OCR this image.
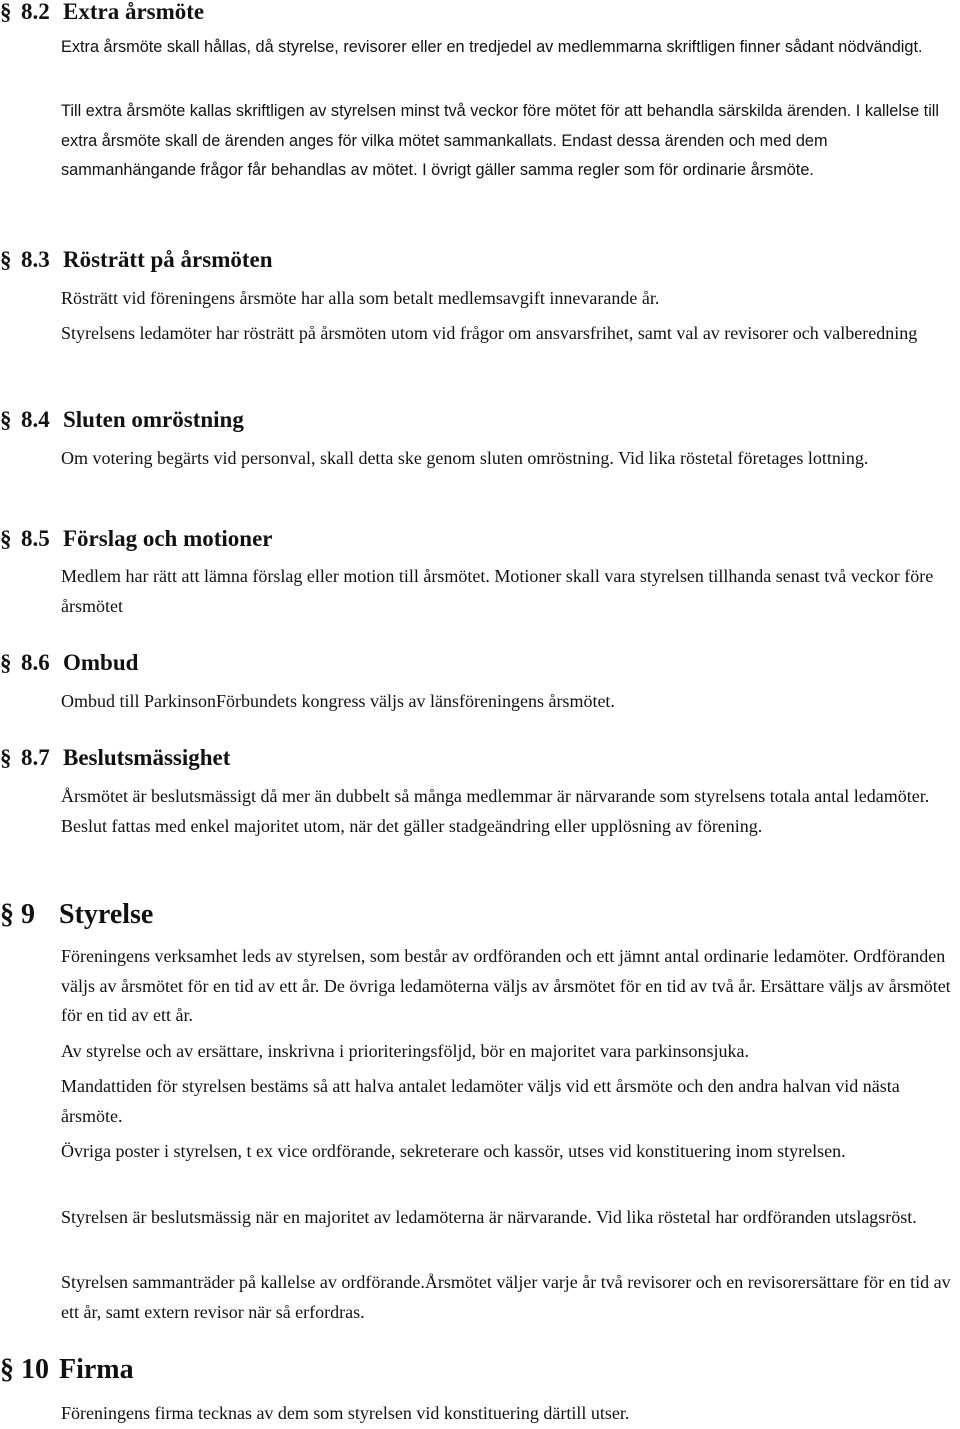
§ 8.2 Extra årsmöte

Extra årsmöte skall hållas, då styrelse, revisorer eller en tredjedel av medlemmarna skriftligen finner sådant nödvändigt.

Till extra årsmöte kallas skriftligen av styrelsen minst två veckor före mötet för att behandla särskilda ärenden. I kallelse till extra årsmöte skall de ärenden anges för vilka mötet sammankallats. Endast dessa ärenden och med dem sammanhängande frågor får behandlas av mötet. I övrigt gäller samma regler som för ordinarie årsmöte.

§ 8.3 Rösträtt på årsmöten

Rösträtt vid föreningens årsmöte har alla som betalt medlemsavgift innevarande år.

Styrelsens ledamöter har rösträtt på årsmöten utom vid frågor om ansvarsfrihet, samt val av revisorer och valberedning

§ 8.4 Sluten omröstning

Om votering begärts vid personval, skall detta ske genom sluten omröstning. Vid lika röstetal företages lottning.

§ 8.5 Förslag och motioner

Medlem har rätt att lämna förslag eller motion till årsmötet. Motioner skall vara styrelsen tillhanda senast två veckor före årsmötet

§ 8.6 Ombud

Ombud till ParkinsonFörbundets kongress väljs av länsföreningens årsmötet.

§ 8.7 Beslutsmässighet

Årsmötet är beslutsmässigt då mer än dubbelt så många medlemmar är närvarande som styrelsens totala antal ledamöter. Beslut fattas med enkel majoritet utom, när det gäller stadgeändring eller upplösning av förening.

§ 9 Styrelse

Föreningens verksamhet leds av styrelsen, som består av ordföranden och ett jämnt antal ordinarie ledamöter. Ordföranden väljs av årsmötet för en tid av ett år. De övriga ledamöterna väljs av årsmötet för en tid av två år. Ersättare väljs av årsmötet för en tid av ett år.

Av styrelse och av ersättare, inskrivna i prioriteringsföljd, bör en majoritet vara parkinsonsjuka.

Mandattiden för styrelsen bestäms så att halva antalet ledamöter väljs vid ett årsmöte och den andra halvan vid nästa årsmöte.

Övriga poster i styrelsen, t ex vice ordförande, sekreterare och kassör, utses vid konstituering inom styrelsen.

Styrelsen är beslutsmässig när en majoritet av ledamöterna är närvarande. Vid lika röstetal har ordföranden utslagsröst.

Styrelsen sammanträder på kallelse av ordförande.Årsmötet väljer varje år två revisorer och en revisorersättare för en tid av ett år, samt extern revisor när så erfordras.

§ 10 Firma

Föreningens firma tecknas av dem som styrelsen vid konstituering därtill utser.
